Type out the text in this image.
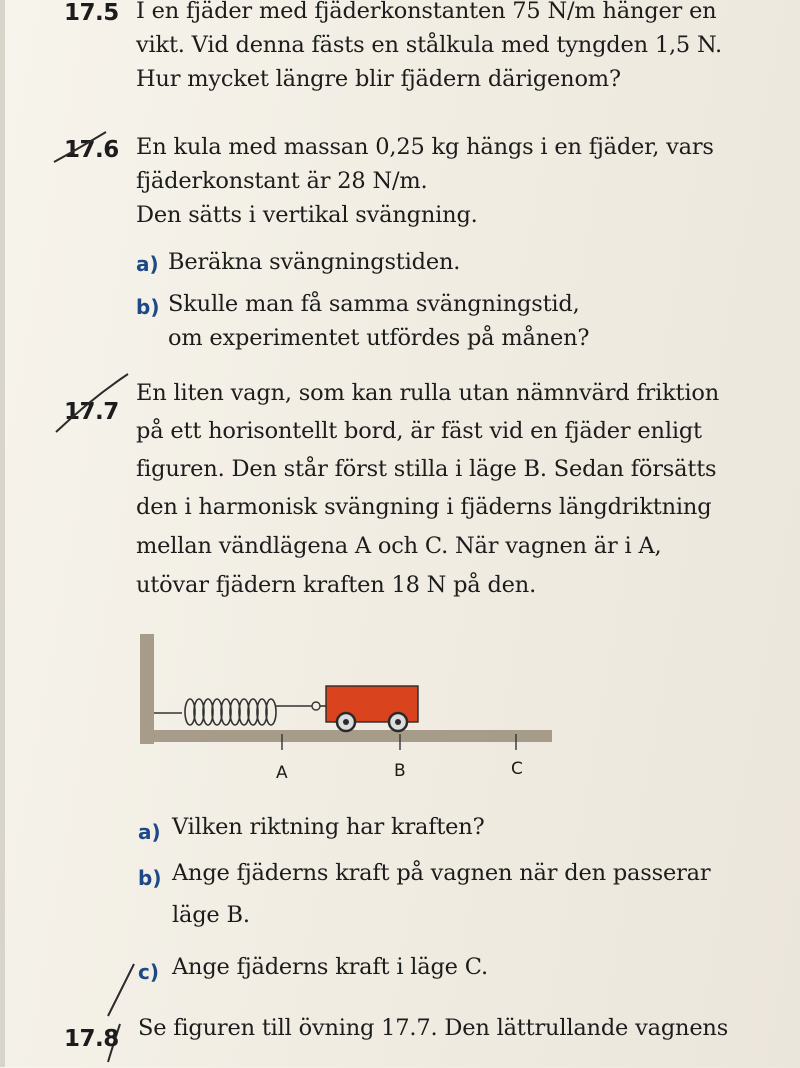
17.5 I en fjäder med fjäderkonstanten 75 N/m hänger en
vikt. Vid denna fästs en stålkula med tyngden 1,5 N.
Hur mycket längre blir fjädern därigenom?
17.6 En kula med massan 0,25 kg hängs i en fjäder, vars
fjäderkonstant är 28 N/m.
Den sätts i vertikal svängning.
a) Beräkna svängningstiden.
b) Skulle man få samma svängningstid,
om experimentet utfördes på månen?
17.7
En liten vagn, som kan rulla utan nämnvärd friktion
på ett horisontellt bord, är fäst vid en fjäder enligt
figuren. Den står först stilla i läge B. Sedan försätts
den i harmonisk svängning i fjäderns längdriktning
mellan vändlägena A och C. När vagnen är i A,
utövar fjädern kraften 18 N på den.
A	B	C
a) Vilken riktning har kraften?
b) Ange fjäderns kraft på vagnen när den passerar
läge B.
c) Ange fjäderns kraft i läge C.
17.8 Se figuren till övning 17.7. Den lättrullande vagnens
